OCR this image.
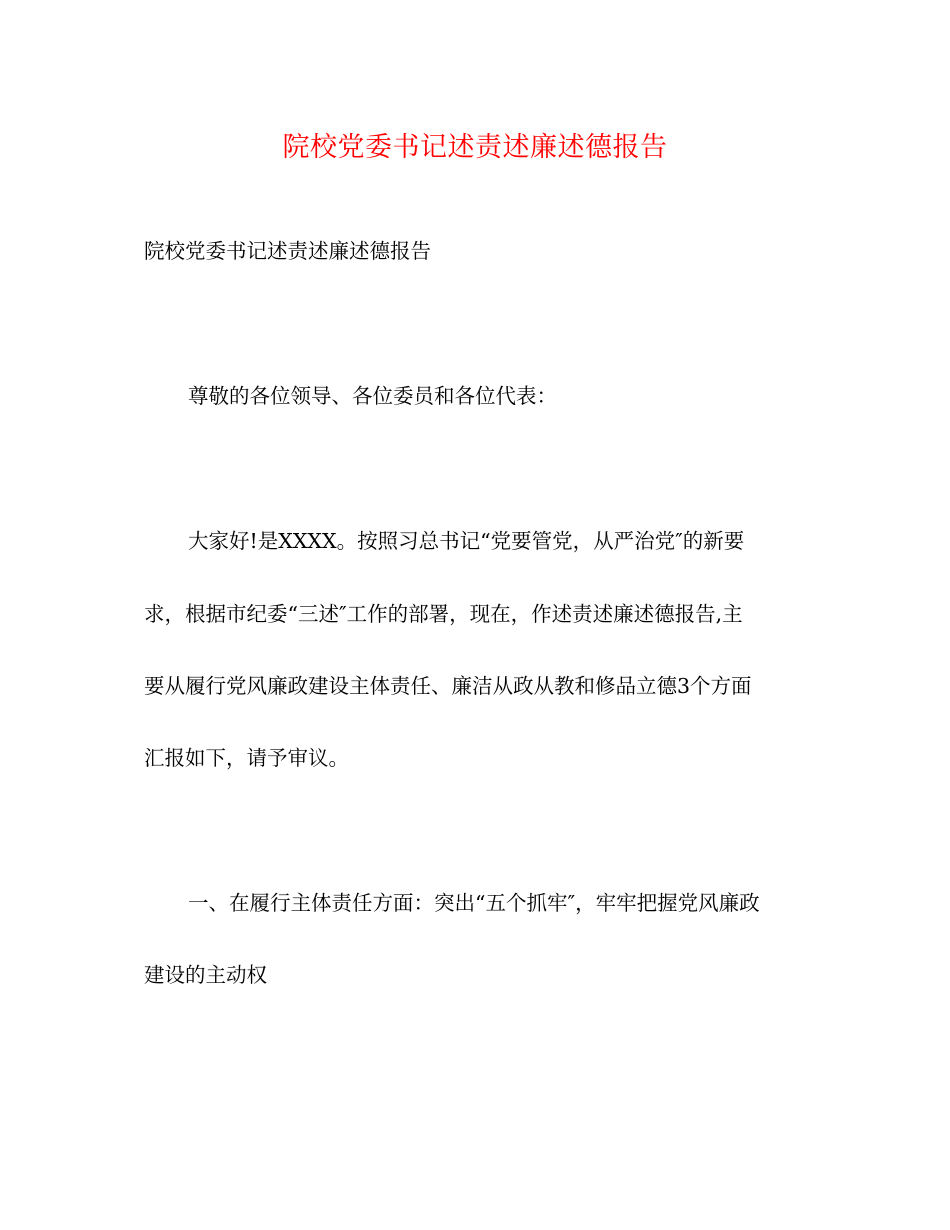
院校党委书记述责述廉述德报告
院校党委书记述责述廉述德报告
尊敬的各位领导、各位委员和各位代表：
大家好!是XXXX。按照习总书记“党要管党，从严治党″的新要
求，根据市纪委“三述″工作的部署，现在，作述责述廉述德报告,主
要从履行党风廉政建设主体责任、廉洁从政从教和修品立德3个方面
汇报如下，请予审议。
一、在履行主体责任方面：突出“五个抓牢″，牢牢把握党风廉政
建设的主动权
